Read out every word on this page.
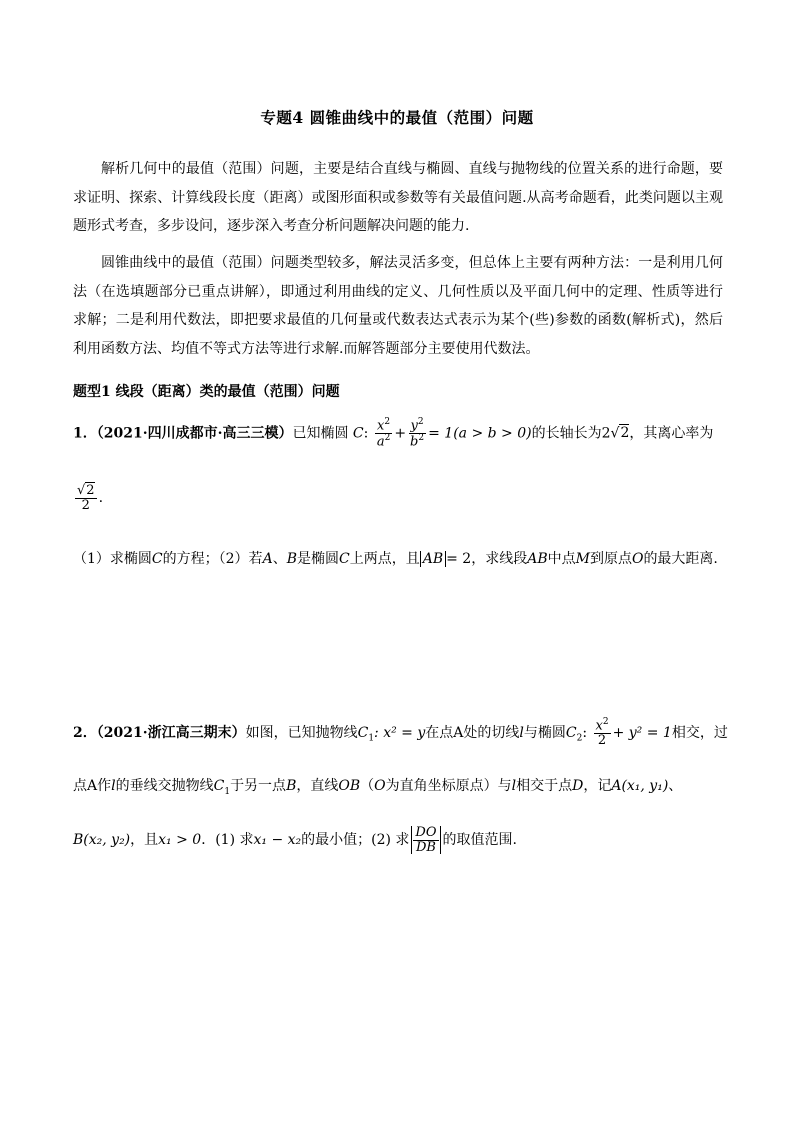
专题4 圆锥曲线中的最值（范围）问题
解析几何中的最值（范围）问题，主要是结合直线与椭圆、直线与抛物线的位置关系的进行命题，要求证明、探索、计算线段长度（距离）或图形面积或参数等有关最值问题.从高考命题看，此类问题以主观题形式考查，多步设问，逐步深入考查分析问题解决问题的能力.
圆锥曲线中的最值（范围）问题类型较多，解法灵活多变，但总体上主要有两种方法：一是利用几何法（在选填题部分已重点讲解），即通过利用曲线的定义、几何性质以及平面几何中的定理、性质等进行求解；二是利用代数法，即把要求最值的几何量或代数表达式表示为某个(些)参数的函数(解析式)，然后利用函数方法、均值不等式方法等进行求解.而解答题部分主要使用代数法。
题型1 线段（距离）类的最值（范围）问题
1．（2021·四川成都市·高三三模）已知椭圆 C: $\frac{x^2}{a^2} + \frac{y^2}{b^2} = 1(a > b > 0)$的长轴长为2√2，其离心率为
$\frac{√2}{2}$ .
（1）求椭圆C的方程；（2）若A、B是椭圆C上两点，且 AB = 2，求线段AB中点M到原点O的最大距离.
2．（2021·浙江高三期末）如图，已知抛物线$C_1$: x² = y在点A处的切线l与椭圆$C_2$: $\frac{x^2}{2} + y^2 = 1$相交，过
点A作l的垂线交抛物线$C_1$于另一点B，直线OB（O为直角坐标原点）与l相交于点D，记A(x₁, y₁)、
B(x₂, y₂)，且x₁ > 0．(1) 求x₁ − x₂的最小值；(2) 求 $\frac{DO}{DB}$ 的取值范围.
